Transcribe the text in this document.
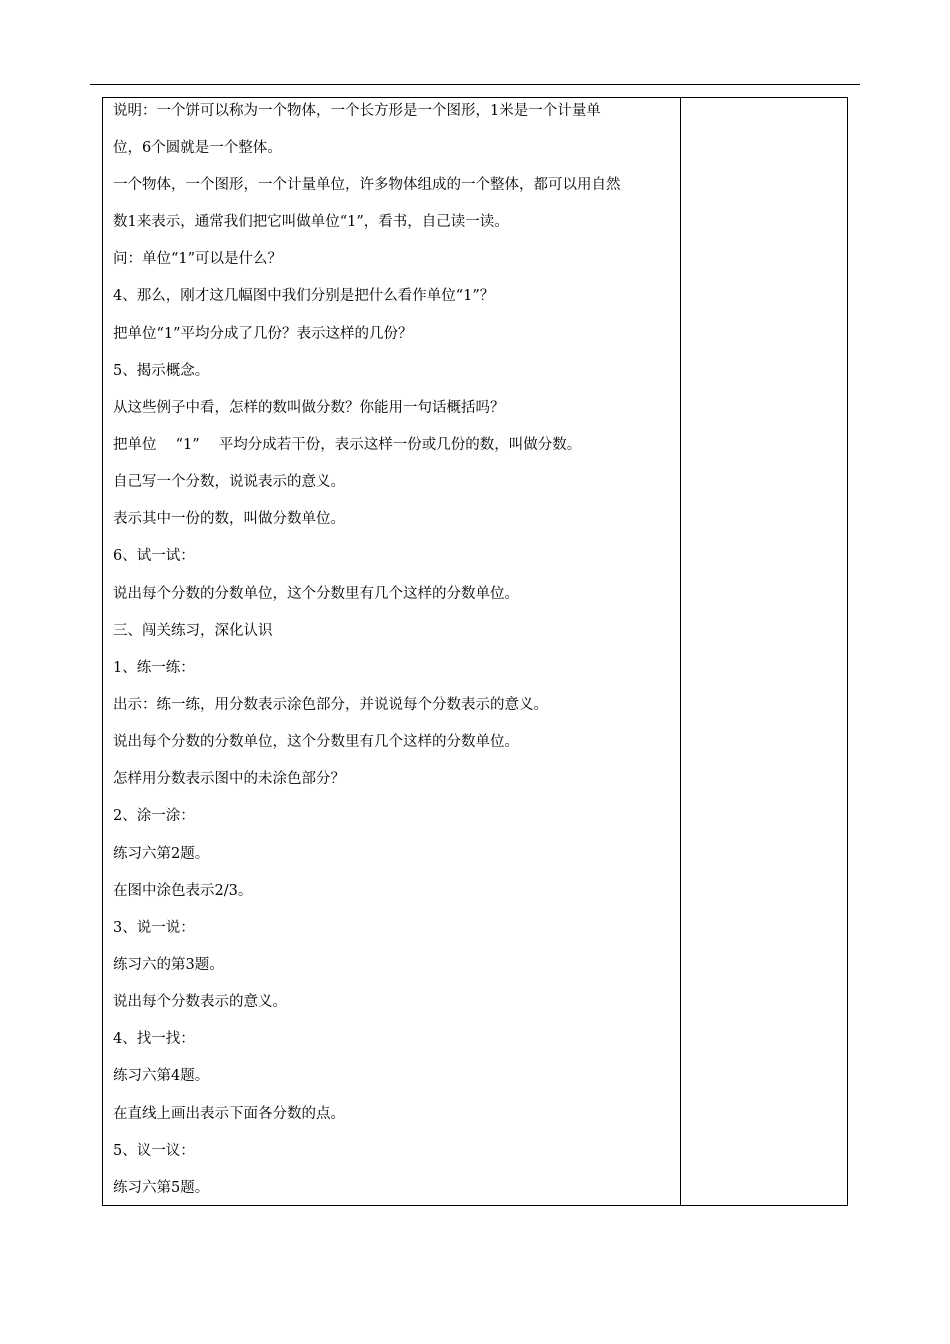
说明：一个饼可以称为一个物体，一个长方形是一个图形，1米是一个计量单
位，6个圆就是一个整体。
一个物体，一个图形，一个计量单位，许多物体组成的一个整体，都可以用自然
数1来表示，通常我们把它叫做单位“1”，看书，自己读一读。
问：单位“1”可以是什么？
4、那么，刚才这几幅图中我们分别是把什么看作单位“1”？
把单位“1”平均分成了几份？表示这样的几份？
5、揭示概念。
从这些例子中看，怎样的数叫做分数？你能用一句话概括吗？
把单位　 “1”　 平均分成若干份，表示这样一份或几份的数，叫做分数。
自己写一个分数，说说表示的意义。
表示其中一份的数，叫做分数单位。
6、试一试：
说出每个分数的分数单位，这个分数里有几个这样的分数单位。
三、闯关练习，深化认识
1、练一练：
出示：练一练，用分数表示涂色部分，并说说每个分数表示的意义。
说出每个分数的分数单位，这个分数里有几个这样的分数单位。
怎样用分数表示图中的未涂色部分？
2、涂一涂：
练习六第2题。
在图中涂色表示2/3。
3、说一说：
练习六的第3题。
说出每个分数表示的意义。
4、找一找：
练习六第4题。
在直线上画出表示下面各分数的点。
5、议一议：
练习六第5题。
